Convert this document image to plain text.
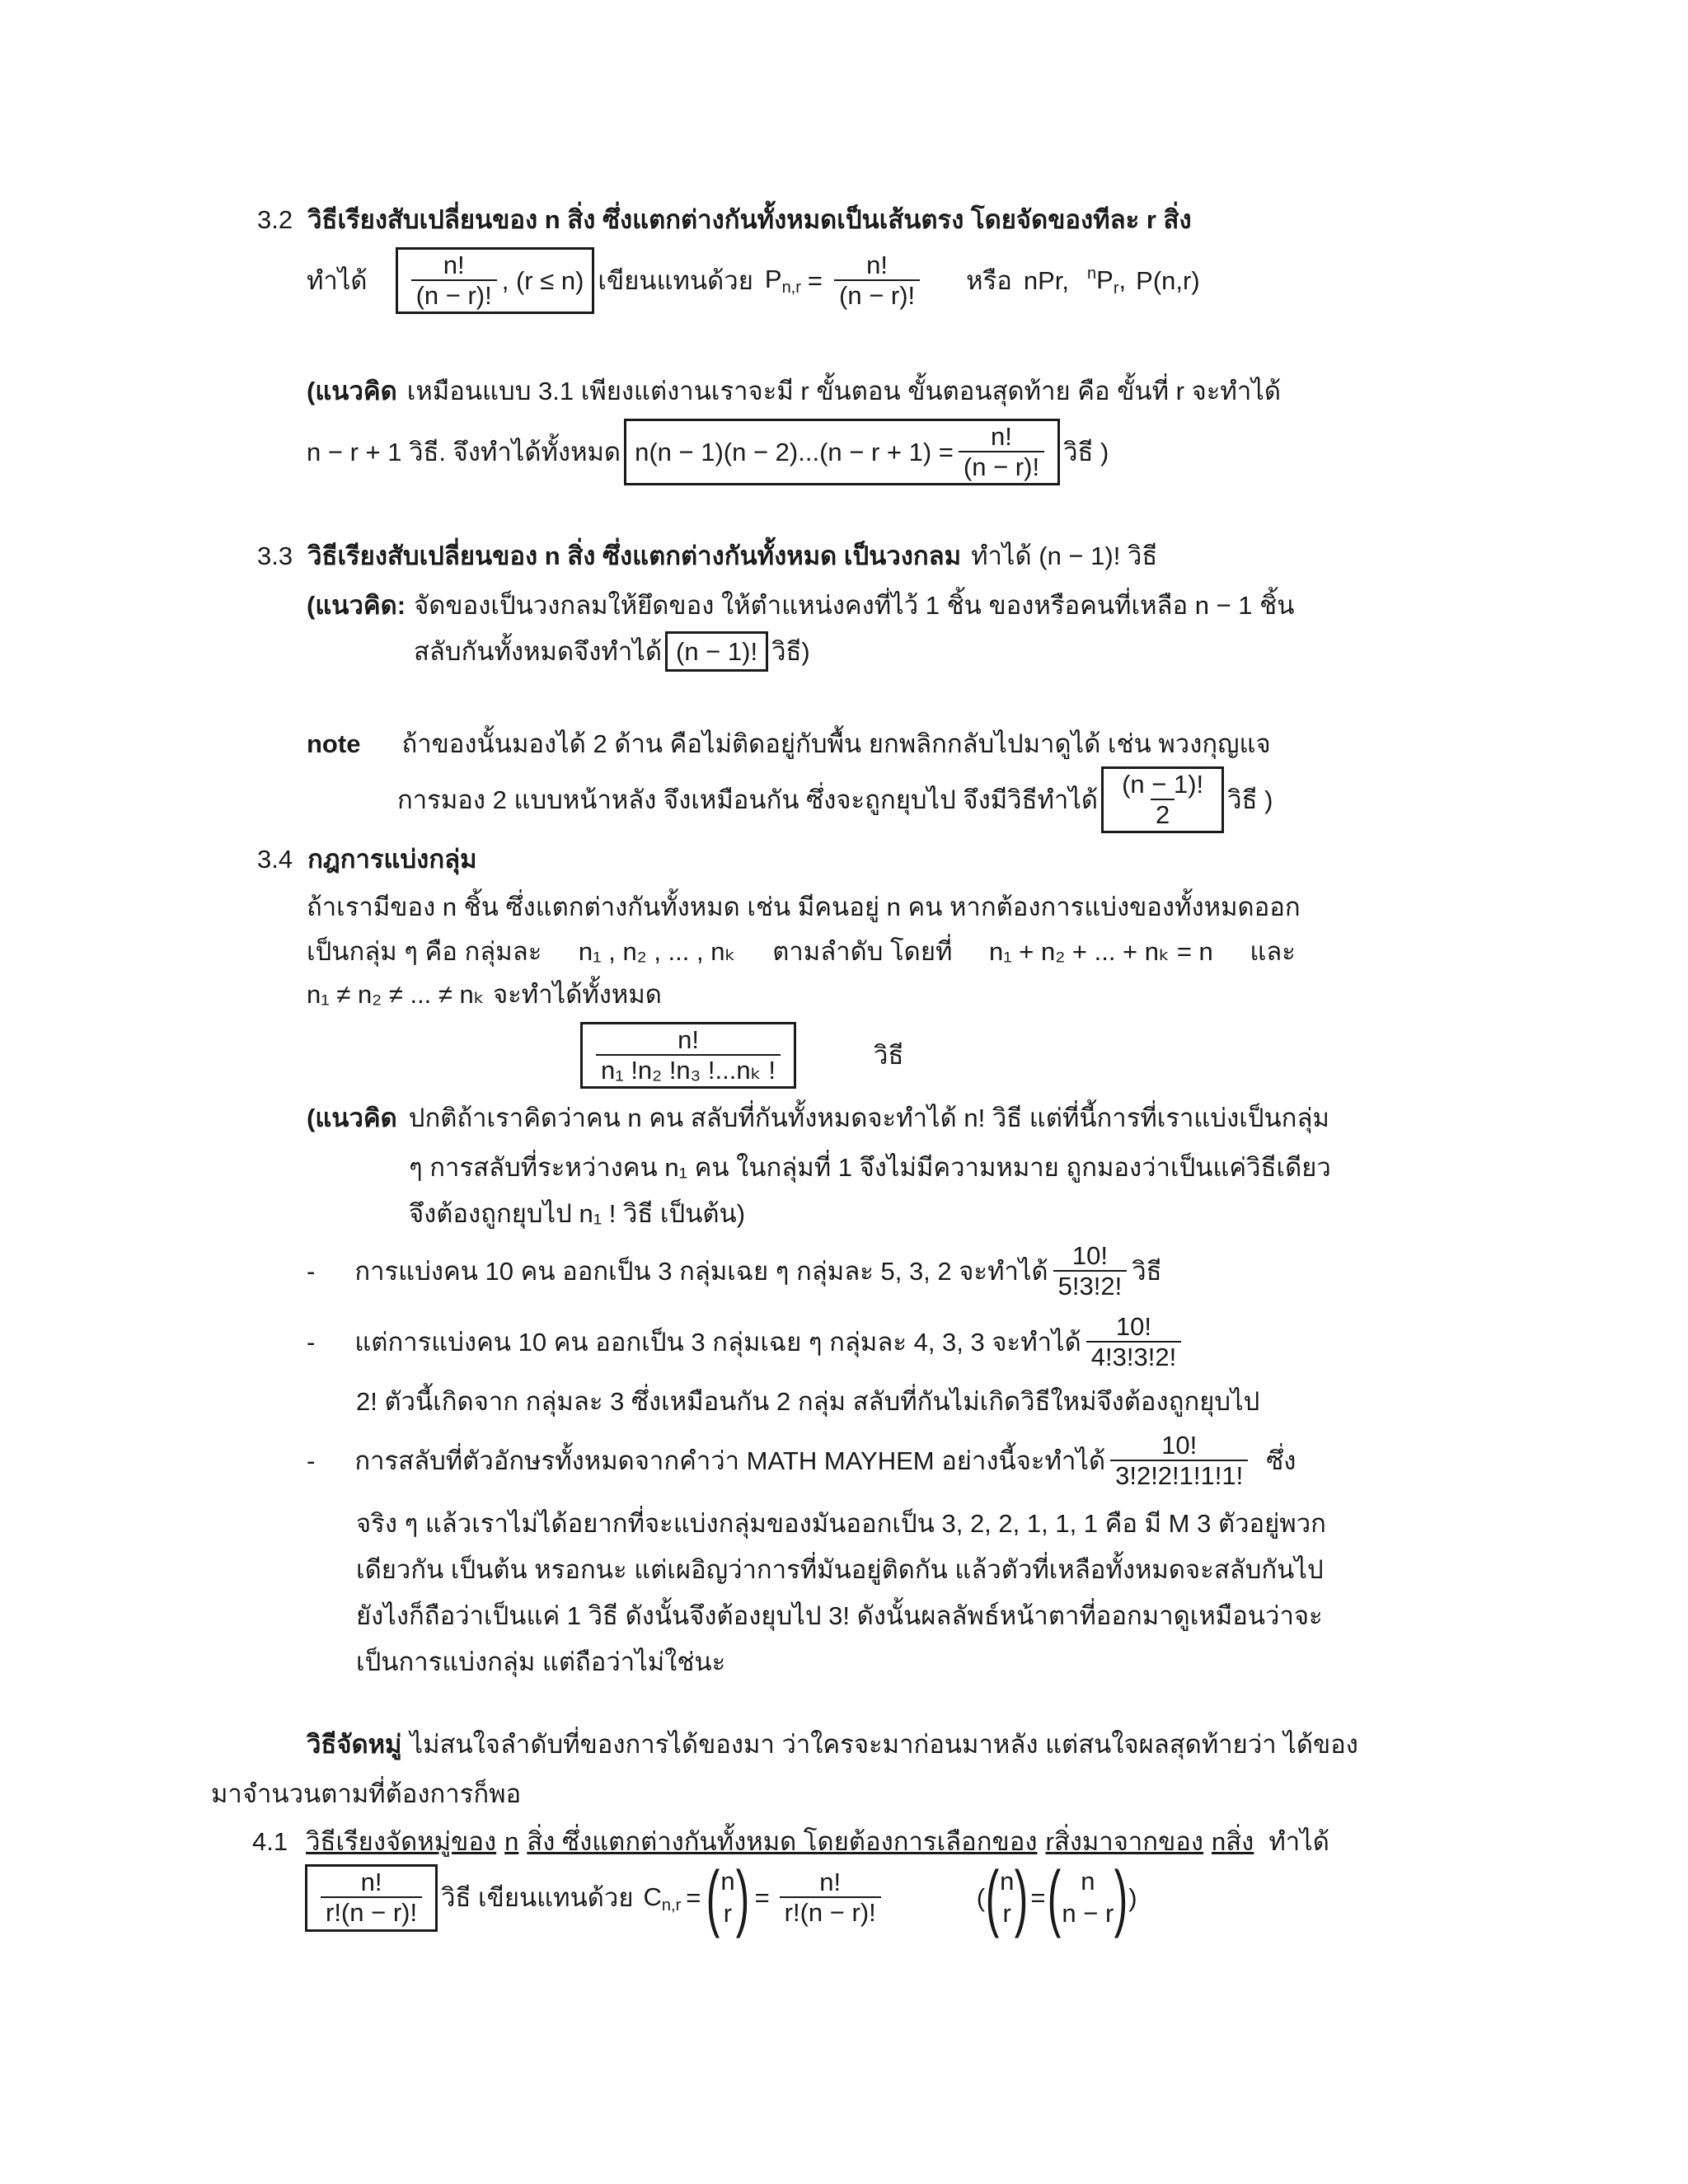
3.2 วิธีเรียงสับเปลี่ยนของ n สิ่ง ซึ่งแตกต่างกันทั้งหมดเป็นเส้นตรง โดยจัดของทีละ r สิ่ง
ทำได้ $\frac{n!}{(n - r)!}$ , (r ≤ n) เขียนแทนด้วย $P_{n,r} = \frac{n!}{(n - r)!}$ หรือ nPr, $^nP_r$, P(n,r)
(แนวคิด เหมือนแบบ 3.1 เพียงแต่งานเราจะมี r ขั้นตอน ขั้นตอนสุดท้าย คือ ขั้นที่ r จะทำได้
n − r + 1 วิธี. จึงทำได้ทั้งหมด $n(n - 1)(n - 2)...(n - r + 1) = \frac{n!}{(n - r)!}$ วิธี )
3.3 วิธีเรียงสับเปลี่ยนของ n สิ่ง ซึ่งแตกต่างกันทั้งหมด เป็นวงกลม ทำได้ (n − 1)! วิธี
(แนวคิด: จัดของเป็นวงกลมให้ยึดของ ให้ตำแหน่งคงที่ไว้ 1 ชิ้น ของหรือคนที่เหลือ n − 1 ชิ้น
สลับกันทั้งหมดจึงทำได้ (n − 1)! วิธี)
note ถ้าของนั้นมองได้ 2 ด้าน คือไม่ติดอยู่กับพื้น ยกพลิกกลับไปมาดูได้ เช่น พวงกุญแจ
การมอง 2 แบบหน้าหลัง จึงเหมือนกัน ซึ่งจะถูกยุบไป จึงมีวิธีทำได้ $\frac{(n - 1)!}{2}$ วิธี )
3.4 กฎการแบ่งกลุ่ม
ถ้าเรามีของ n ชิ้น ซึ่งแตกต่างกันทั้งหมด เช่น มีคนอยู่ n คน หากต้องการแบ่งของทั้งหมดออก
เป็นกลุ่ม ๆ คือ กลุ่มละ n₁ , n₂ , ... , nₖ ตามลำดับ โดยที่ n₁ + n₂ + ... + nₖ = n และ
n₁ ≠ n₂ ≠ ... ≠ nₖ จะทำได้ทั้งหมด
$\frac{n!}{\text{n₁ !n₂ !n₃ !...nₖ !}}$	วิธี
(แนวคิด ปกติถ้าเราคิดว่าคน n คน สลับที่กันทั้งหมดจะทำได้ n! วิธี แต่ที่นี้การที่เราแบ่งเป็นกลุ่ม
ๆ การสลับที่ระหว่างคน n₁ คน ในกลุ่มที่ 1 จึงไม่มีความหมาย ถูกมองว่าเป็นแค่วิธีเดียว
จึงต้องถูกยุบไป n₁ ! วิธี เป็นต้น)
- การแบ่งคน 10 คน ออกเป็น 3 กลุ่มเฉย ๆ กลุ่มละ 5, 3, 2 จะทำได้ $\frac{10!}{5!3!2!}$ วิธี
- แต่การแบ่งคน 10 คน ออกเป็น 3 กลุ่มเฉย ๆ กลุ่มละ 4, 3, 3 จะทำได้ $\frac{10!}{4!3!3!2!}$
2! ตัวนี้เกิดจาก กลุ่มละ 3 ซึ่งเหมือนกัน 2 กลุ่ม สลับที่กันไม่เกิดวิธีใหม่จึงต้องถูกยุบไป
- การสลับที่ตัวอักษรทั้งหมดจากคำว่า MATH MAYHEM อย่างนี้จะทำได้ $\frac{10!}{3!2!2!1!1!1!}$ ซึ่ง
จริง ๆ แล้วเราไม่ได้อยากที่จะแบ่งกลุ่มของมันออกเป็น 3, 2, 2, 1, 1, 1 คือ มี M 3 ตัวอยู่พวก
เดียวกัน เป็นต้น หรอกนะ แต่เผอิญว่าการที่มันอยู่ติดกัน แล้วตัวที่เหลือทั้งหมดจะสลับกันไป
ยังไงก็ถือว่าเป็นแค่ 1 วิธี ดังนั้นจึงต้องยุบไป 3! ดังนั้นผลลัพธ์หน้าตาที่ออกมาดูเหมือนว่าจะ
เป็นการแบ่งกลุ่ม แต่ถือว่าไม่ใช่นะ
วิธีจัดหมู่ ไม่สนใจลำดับที่ของการได้ของมา ว่าใครจะมาก่อนมาหลัง แต่สนใจผลสุดท้ายว่า ได้ของ
มาจำนวนตามที่ต้องการก็พอ
4.1 วิธีเรียงจัดหมู่ของ n สิ่ง ซึ่งแตกต่างกันทั้งหมด โดยต้องการเลือกของ r สิ่งมาจากของ n สิ่ง ทำได้
$\frac{n!}{r!(n - r)!}$ วิธี เขียนแทนด้วย $C_{n,r}$ = ( n
r ) = $\frac{n!}{r!(n - r)!}$	( ( n
r ) = ( n
n − r ) )
